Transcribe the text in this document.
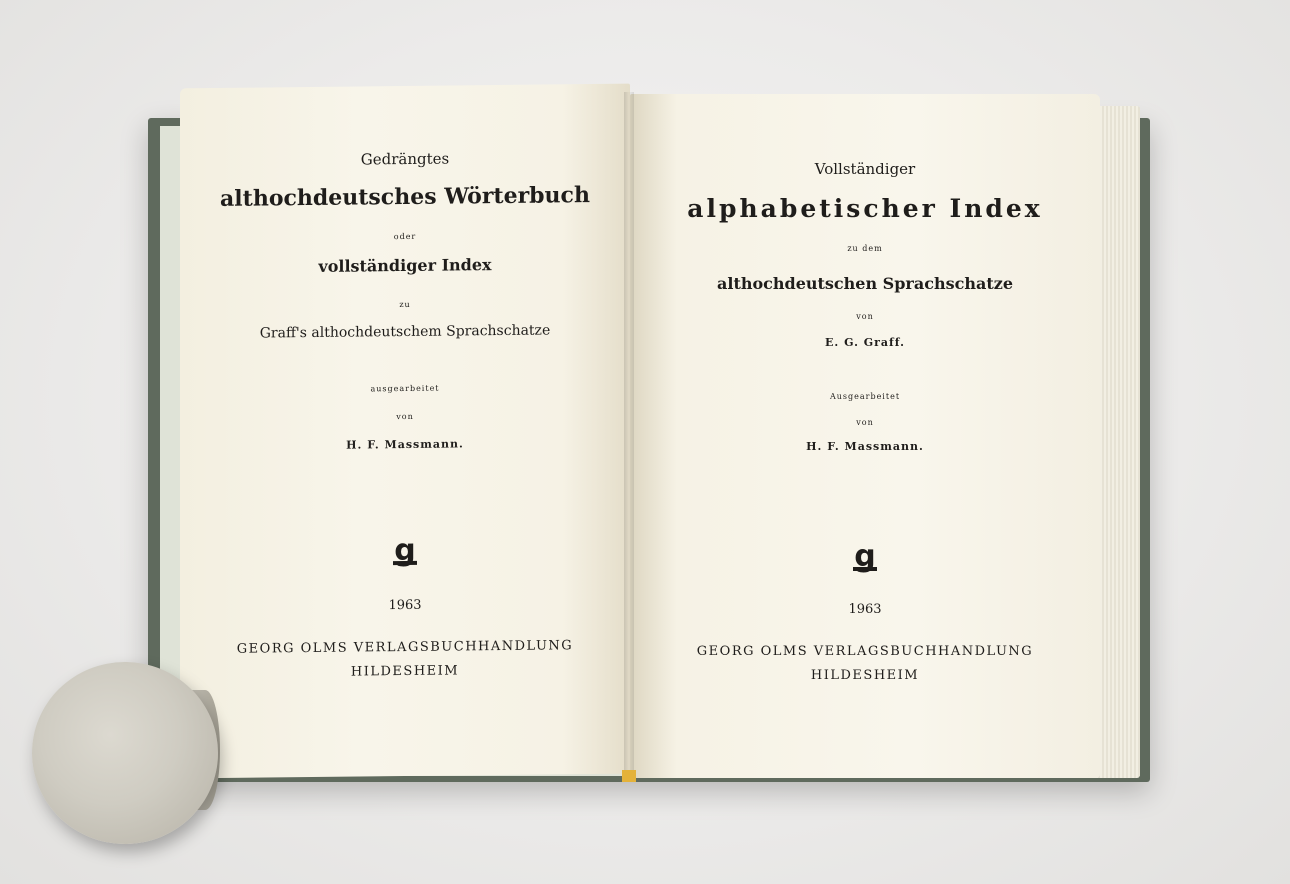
Gedrängtes
althochdeutsches Wörterbuch
oder
vollständiger Index
zu
Graff's althochdeutschem Sprachschatze
ausgearbeitet
von
H. F. Massmann.
g
1963
GEORG OLMS VERLAGSBUCHHANDLUNG
HILDESHEIM
Vollständiger
alphabetischer Index
zu dem
althochdeutschen Sprachschatze
von
E. G. Graff.
Ausgearbeitet
von
H. F. Massmann.
g
1963
GEORG OLMS VERLAGSBUCHHANDLUNG
HILDESHEIM
